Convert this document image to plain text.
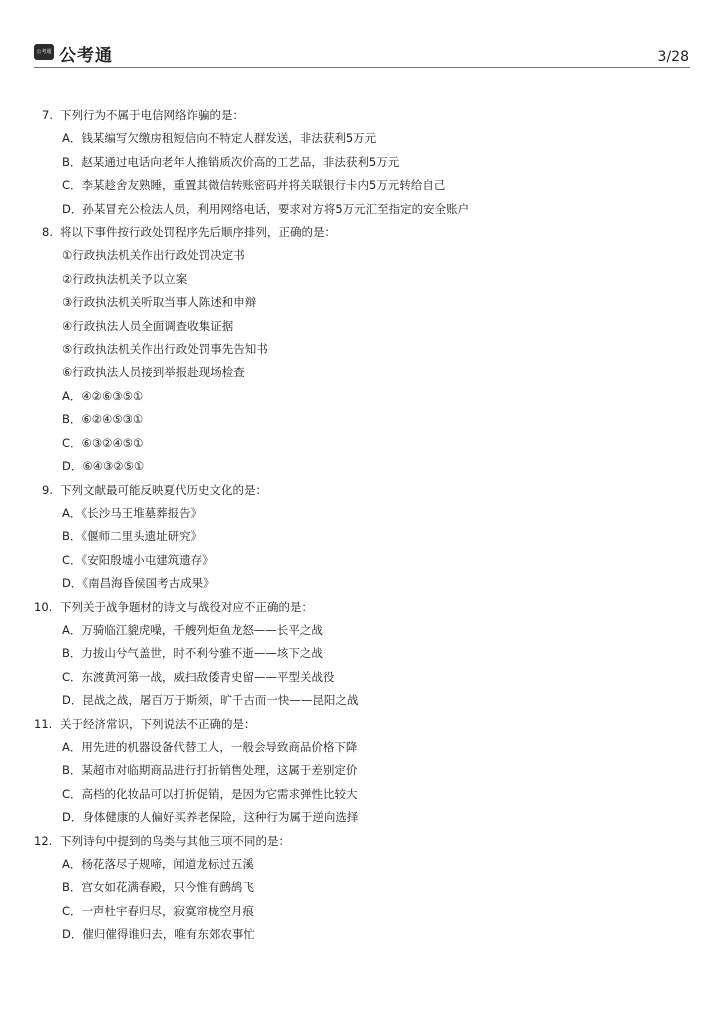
公考通 公考通	3/28
7. 下列行为不属于电信网络诈骗的是：
A．钱某编写欠缴房租短信向不特定人群发送，非法获利5万元
B．赵某通过电话向老年人推销质次价高的工艺品，非法获利5万元
C．李某趁舍友熟睡，重置其微信转账密码并将关联银行卡内5万元转给自己
D．孙某冒充公检法人员，利用网络电话，要求对方将5万元汇至指定的安全账户
8. 将以下事件按行政处罚程序先后顺序排列，正确的是：
①行政执法机关作出行政处罚决定书
②行政执法机关予以立案
③行政执法机关听取当事人陈述和申辩
④行政执法人员全面调查收集证据
⑤行政执法机关作出行政处罚事先告知书
⑥行政执法人员接到举报赴现场检查
A．④②⑥③⑤①
B．⑥②④⑤③①
C．⑥③②④⑤①
D．⑥④③②⑤①
9. 下列文献最可能反映夏代历史文化的是：
A．《长沙马王堆墓葬报告》
B．《偃师二里头遗址研究》
C．《安阳殷墟小屯建筑遗存》
D．《南昌海昏侯国考古成果》
10. 下列关于战争题材的诗文与战役对应不正确的是：
A．万骑临江貔虎噪，千艘列炬鱼龙怒——长平之战
B．力拔山兮气盖世，时不利兮骓不逝——垓下之战
C．东渡黄河第一战，威扫敌倭青史留——平型关战役
D．昆战之战，屠百万于斯须，旷千古而一快——昆阳之战
11. 关于经济常识，下列说法不正确的是：
A．用先进的机器设备代替工人，一般会导致商品价格下降
B．某超市对临期商品进行打折销售处理，这属于差别定价
C．高档的化妆品可以打折促销，是因为它需求弹性比较大
D．身体健康的人偏好买养老保险，这种行为属于逆向选择
12. 下列诗句中提到的鸟类与其他三项不同的是：
A．杨花落尽子规啼，闻道龙标过五溪
B．宫女如花满春殿，只今惟有鹧鸪飞
C．一声杜宇春归尽，寂寞帘栊空月痕
D．催归催得谁归去，唯有东郊农事忙
